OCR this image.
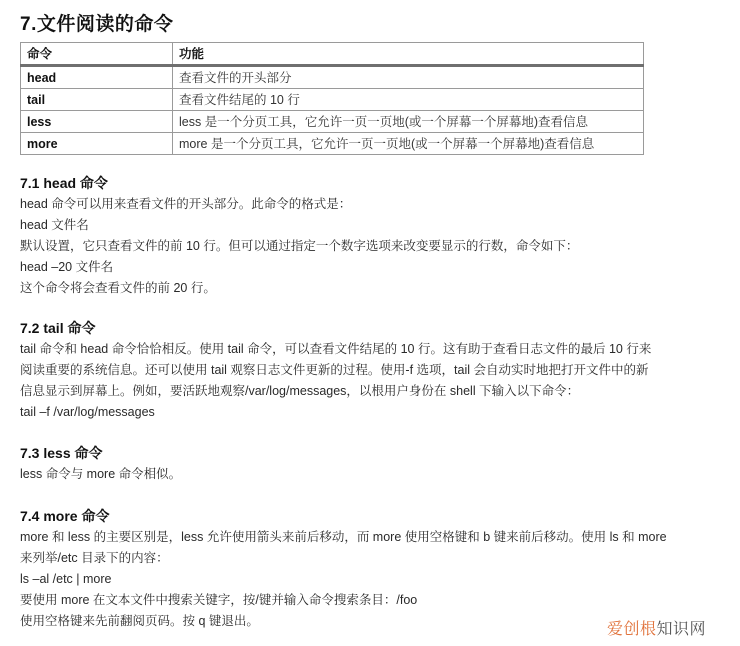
7.文件阅读的命令
命令	功能
head	查看文件的开头部分
tail	查看文件结尾的 10 行
less	less 是一个分页工具，它允许一页一页地(或一个屏幕一个屏幕地)查看信息
more	more 是一个分页工具，它允许一页一页地(或一个屏幕一个屏幕地)查看信息
7.1 head 命令

head 命令可以用来查看文件的开头部分。此命令的格式是：

head 文件名

默认设置，它只查看文件的前 10 行。但可以通过指定一个数字选项来改变要显示的行数，命令如下：

head –20 文件名

这个命令将会查看文件的前 20 行。

7.2 tail 命令

tail 命令和 head 命令恰恰相反。使用 tail 命令，可以查看文件结尾的 10 行。这有助于查看日志文件的最后 10 行来

阅读重要的系统信息。还可以使用 tail 观察日志文件更新的过程。使用-f 选项，tail 会自动实时地把打开文件中的新

信息显示到屏幕上。例如，要活跃地观察/var/log/messages，以根用户身份在 shell 下输入以下命令：

tail –f /var/log/messages

7.3 less 命令

less 命令与 more 命令相似。

7.4 more 命令

more 和 less 的主要区别是，less 允许使用箭头来前后移动，而 more 使用空格键和 b 键来前后移动。使用 ls 和 more

来列举/etc 目录下的内容：

ls –al /etc | more

要使用 more 在文本文件中搜索关键字，按/键并输入命令搜索条目：/foo

使用空格键来先前翻阅页码。按 q 键退出。	爱创根知识网
